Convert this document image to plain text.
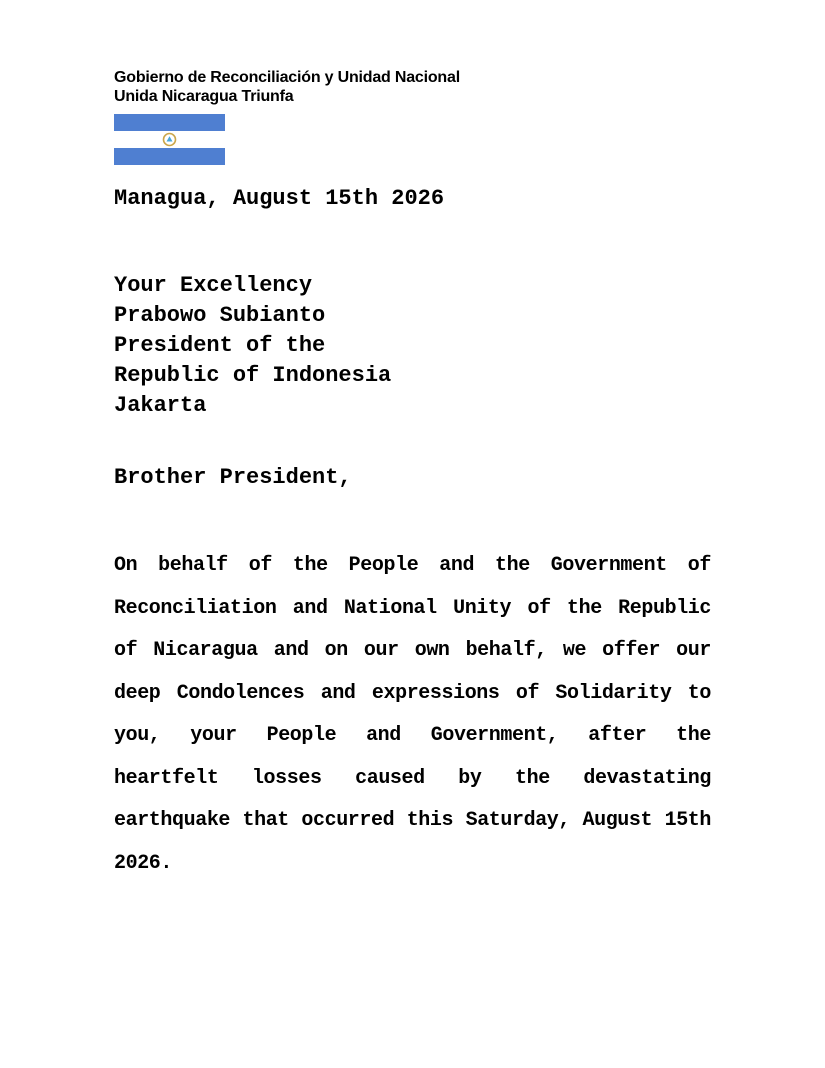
Gobierno de Reconciliación y Unidad Nacional
Unida Nicaragua Triunfa
Managua, August 15th 2026
Your Excellency
Prabowo Subianto
President of the
Republic of Indonesia
Jakarta
Brother President,
On behalf of the People and the Government of Reconciliation and National Unity of the Republic of Nicaragua and on our own behalf, we offer our deep Condolences and expressions of Solidarity to you, your People and Government, after the heartfelt losses caused by the devastating earthquake that occurred this Saturday, August 15th 2026.
